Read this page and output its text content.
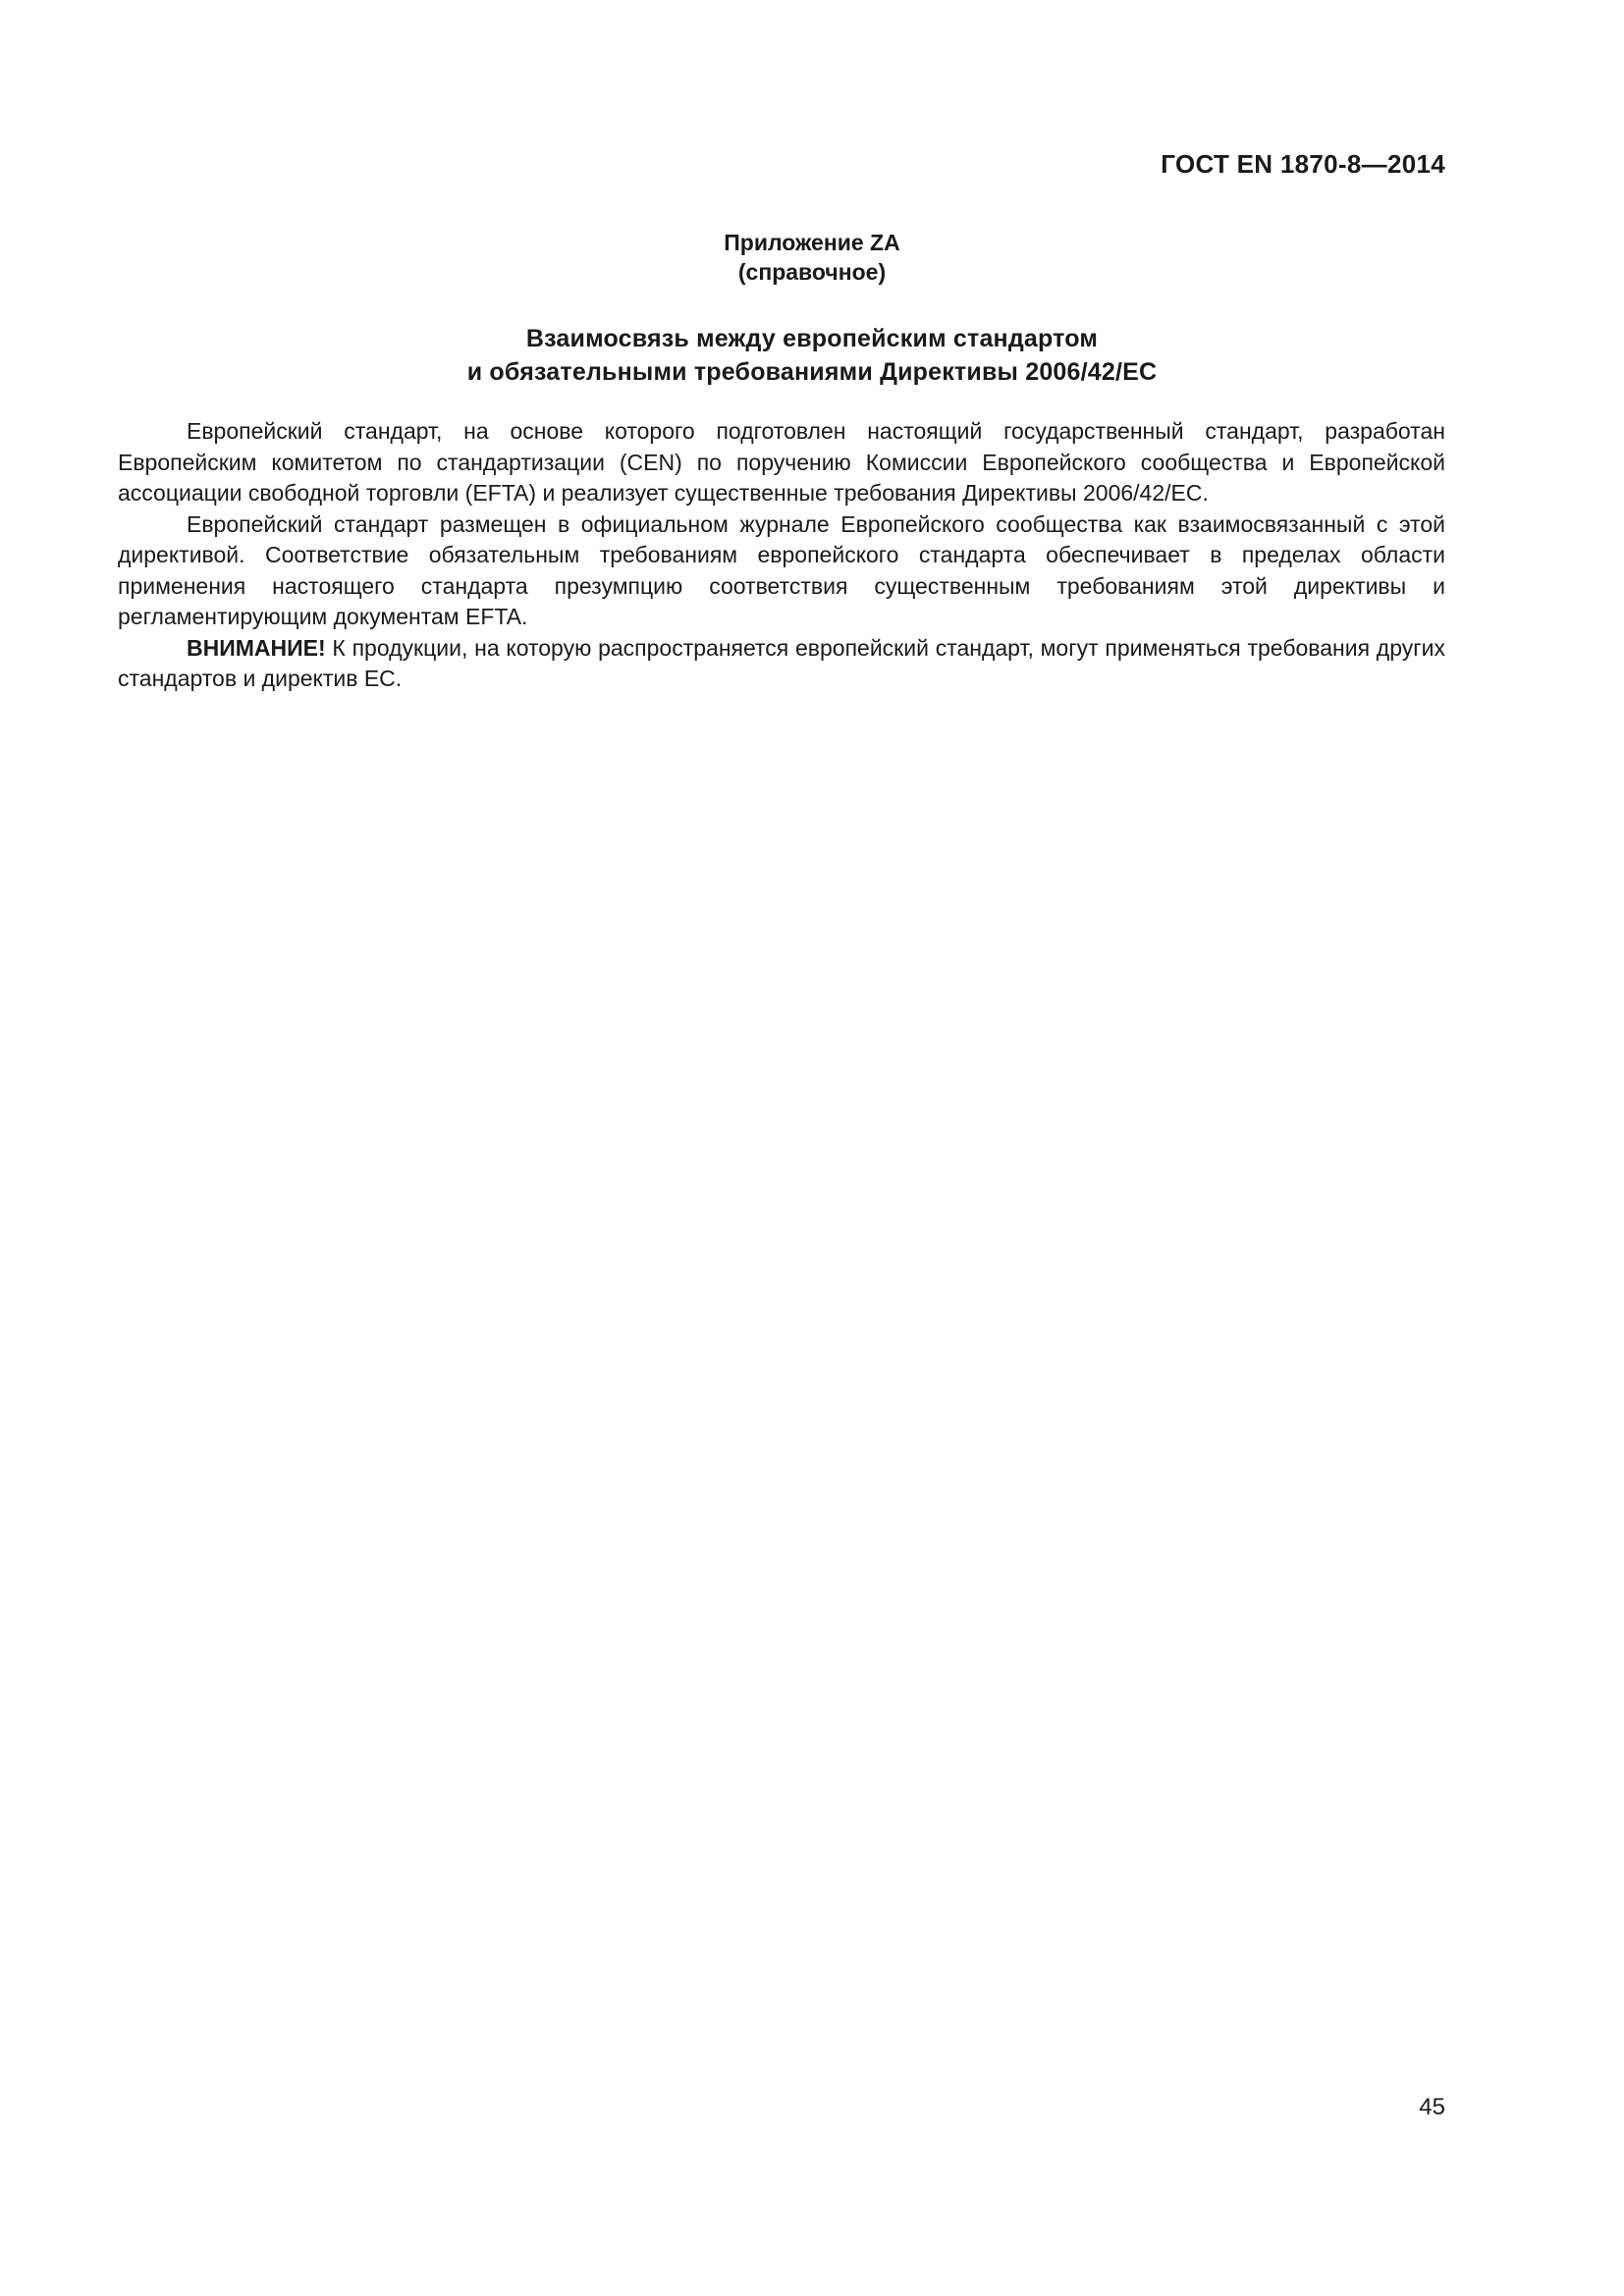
ГОСТ EN 1870-8—2014
Приложение ZA
(справочное)
Взаимосвязь между европейским стандартом
и обязательными требованиями Директивы 2006/42/ЕС

Европейский стандарт, на основе которого подготовлен настоящий государственный стандарт, разработан Европейским комитетом по стандартизации (CEN) по поручению Комиссии Европейского сообщества и Европейской ассоциации свободной торговли (EFTA) и реализует существенные требования Директивы 2006/42/ЕС.

Европейский стандарт размещен в официальном журнале Европейского сообщества как взаимосвязанный с этой директивой. Соответствие обязательным требованиям европейского стандарта обеспечивает в пределах области применения настоящего стандарта презумпцию соответствия существенным требованиям этой директивы и регламентирующим документам EFTA.

ВНИМАНИЕ! К продукции, на которую распространяется европейский стандарт, могут применяться требования других стандартов и директив ЕС.

45
